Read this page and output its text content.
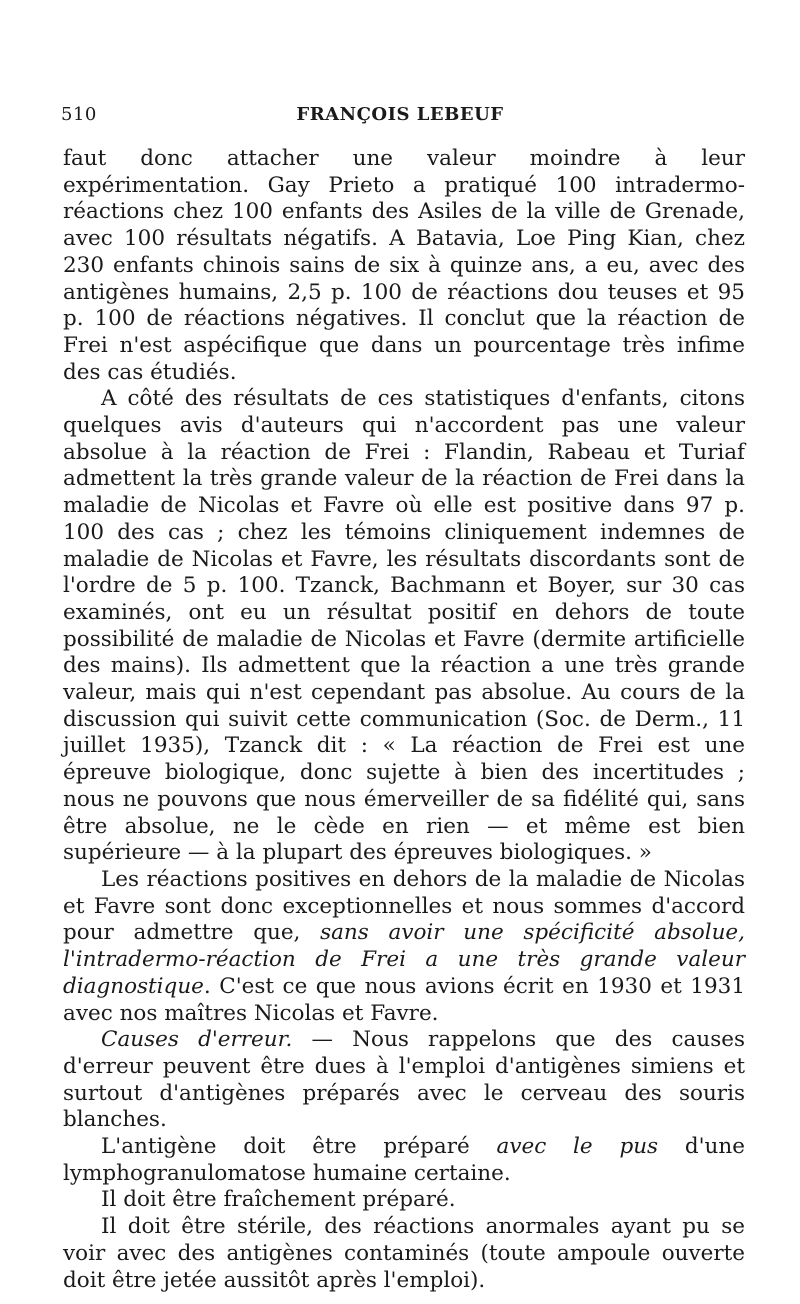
510	FRANÇOIS LEBEUF

faut donc attacher une valeur moindre à leur expérimentation. Gay Prieto a pratiqué 100 intradermo-réactions chez 100 enfants des Asiles de la ville de Grenade, avec 100 résultats négatifs. A Batavia, Loe Ping Kian, chez 230 enfants chinois sains de six à quinze ans, a eu, avec des antigènes humains, 2,5 p. 100 de réactions dou teuses et 95 p. 100 de réactions négatives. Il conclut que la réaction de Frei n'est aspécifique que dans un pourcentage très infime des cas étudiés.

A côté des résultats de ces statistiques d'enfants, citons quelques avis d'auteurs qui n'accordent pas une valeur absolue à la réaction de Frei : Flandin, Rabeau et Turiaf admettent la très grande valeur de la réaction de Frei dans la maladie de Nicolas et Favre où elle est positive dans 97 p. 100 des cas ; chez les témoins cliniquement indemnes de maladie de Nicolas et Favre, les résultats discordants sont de l'ordre de 5 p. 100. Tzanck, Bachmann et Boyer, sur 30 cas examinés, ont eu un résultat positif en dehors de toute possibilité de maladie de Nicolas et Favre (dermite artificielle des mains). Ils admettent que la réaction a une très grande valeur, mais qui n'est cependant pas absolue. Au cours de la discussion qui suivit cette communication (Soc. de Derm., 11 juillet 1935), Tzanck dit : « La réaction de Frei est une épreuve biologique, donc sujette à bien des incertitudes ; nous ne pouvons que nous émerveiller de sa fidélité qui, sans être absolue, ne le cède en rien — et même est bien supérieure — à la plupart des épreuves biologiques. »

Les réactions positives en dehors de la maladie de Nicolas et Favre sont donc exceptionnelles et nous sommes d'accord pour admettre que, sans avoir une spécificité absolue, l'intradermo-réaction de Frei a une très grande valeur diagnostique. C'est ce que nous avions écrit en 1930 et 1931 avec nos maîtres Nicolas et Favre.

Causes d'erreur. — Nous rappelons que des causes d'erreur peuvent être dues à l'emploi d'antigènes simiens et surtout d'antigènes préparés avec le cerveau des souris blanches.

L'antigène doit être préparé avec le pus d'une lymphogranulomatose humaine certaine.

Il doit être fraîchement préparé.

Il doit être stérile, des réactions anormales ayant pu se voir avec des antigènes contaminés (toute ampoule ouverte doit être jetée aussitôt après l'emploi).
